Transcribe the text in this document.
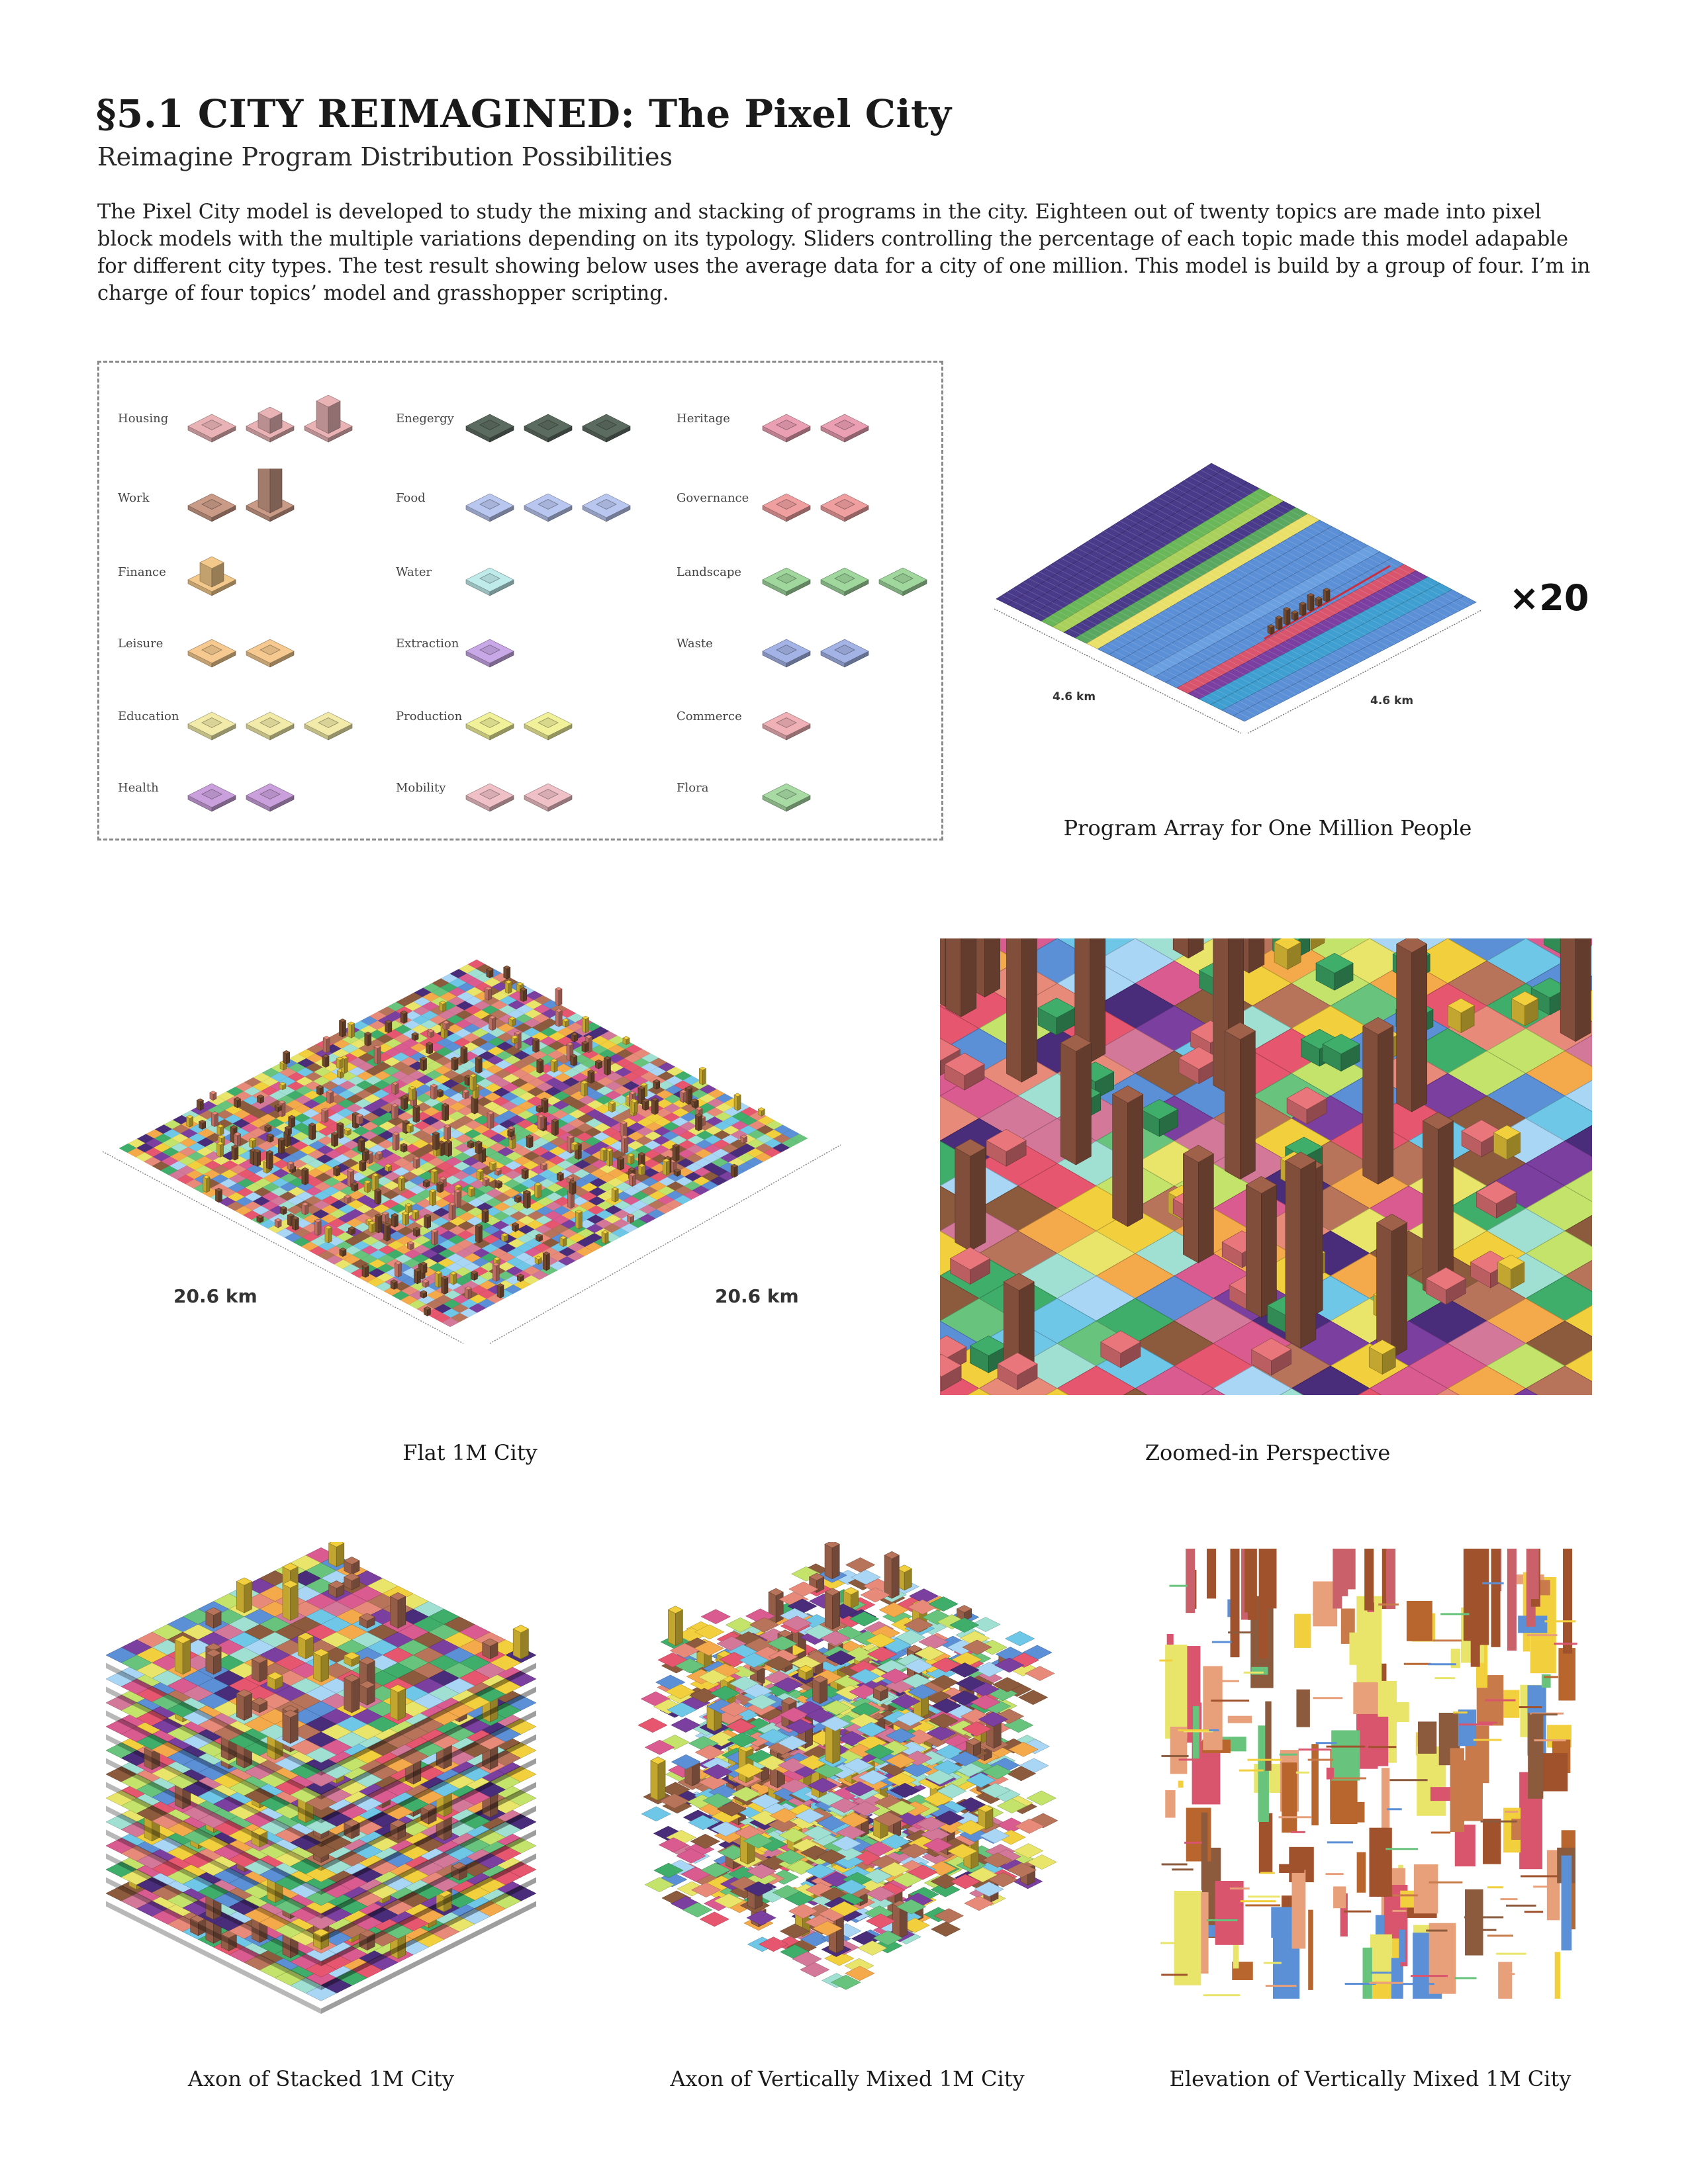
§5.1 CITY REIMAGINED: The Pixel City
Reimagine Program Distribution Possibilities
The Pixel City model is developed to study the mixing and stacking of programs in the city. Eighteen out of twenty topics are made into pixel block models with the multiple variations depending on its typology. Sliders controlling the percentage of each topic made this model adapable for different city types. The test result showing below uses the average data for a city of one million. This model is build by a group of four. I’m in charge of four topics’ model and grasshopper scripting.
Housing
Work
Finance
Leisure
Education
Health
Enegergy
Food
Water
Extraction
Production
Mobility
Heritage
Governance
Landscape
Waste
Commerce
Flora
4.6 km	4.6 km
×20
Program Array for One Million People
20.6 km	20.6 km
Flat 1M City	Zoomed-in Perspective
Axon of Stacked 1M City	Axon of Vertically Mixed 1M City	Elevation of Vertically Mixed 1M City
